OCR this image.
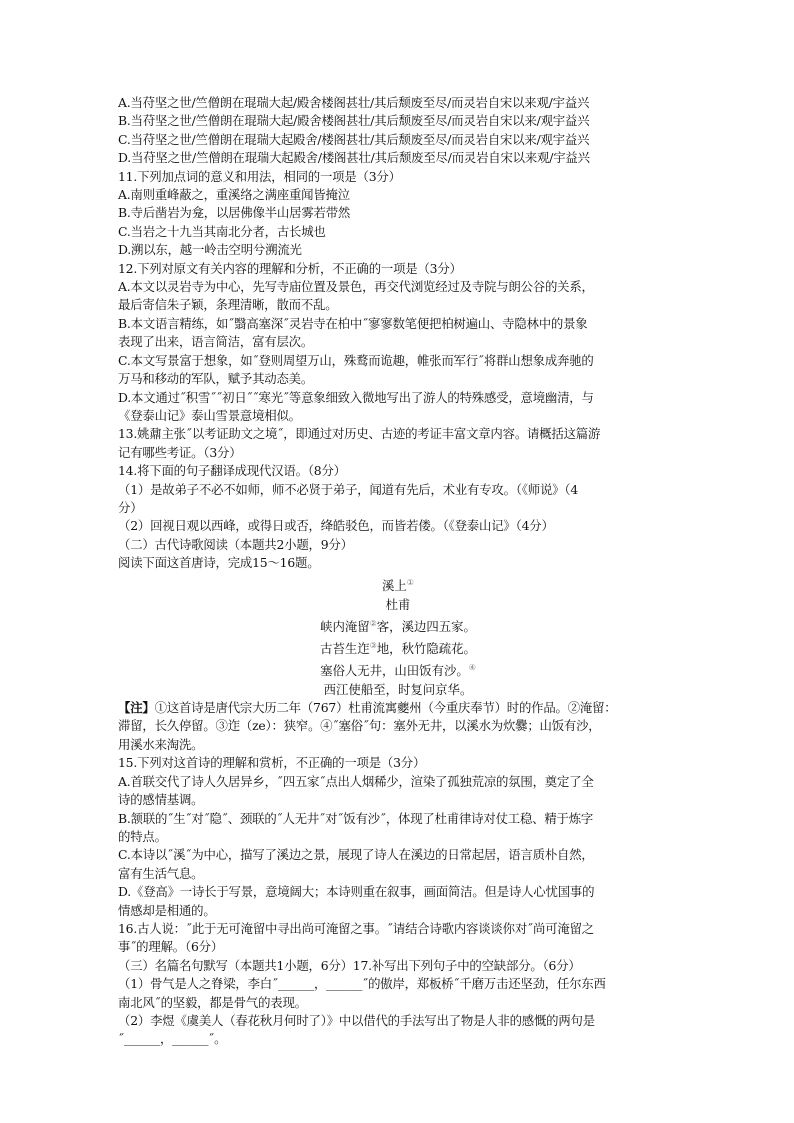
A.当苻坚之世/竺僧朗在琨瑞大起/殿舍楼阁甚壮/其后颓废至尽/而灵岩自宋以来观/宇益兴
B.当苻坚之世/竺僧朗在琨瑞大起/殿舍楼阁甚壮/其后颓废至尽/而灵岩自宋以来/观宇益兴
C.当苻坚之世/竺僧朗在琨瑞大起殿舍/楼阁甚壮/其后颓废至尽/而灵岩自宋以来/观宇益兴
D.当苻坚之世/竺僧朗在琨瑞大起殿舍/楼阁甚壮/其后颓废至尽/而灵岩自宋以来观/宇益兴
11.下列加点词的意义和用法，相同的一项是（3分）
A.南则重峰蔽之，重溪络之满座重闻皆掩泣
B.寺后凿岩为龛，以居佛像半山居雾若带然
C.当岩之十九当其南北分者，古长城也
D.溯以东，越一岭击空明兮溯流光
12.下列对原文有关内容的理解和分析，不正确的一项是（3分）
A.本文以灵岩寺为中心，先写寺庙位置及景色，再交代浏览经过及寺院与朗公谷的关系，
最后寄信朱子颖，条理清晰，散而不乱。
B.本文语言精练，如˝翳高塞深˝灵岩寺在柏中˝寥寥数笔便把柏树遍山、寺隐林中的景象
表现了出来，语言简洁，富有层次。
C.本文写景富于想象，如˝登则周望万山，殊鹜而诡趣，帷张而军行˝将群山想象成奔驰的
万马和移动的军队，赋予其动态美。
D.本文通过˝积雪˝˝初日˝˝寒光˝等意象细致入微地写出了游人的特殊感受，意境幽清，与
《登泰山记》泰山雪景意境相似。
13.姚鼐主张˝以考证助文之境˝，即通过对历史、古迹的考证丰富文章内容。请概括这篇游
记有哪些考证。（3分）
14.将下面的句子翻译成现代汉语。（8分）
（1）是故弟子不必不如师，师不必贤于弟子，闻道有先后，术业有专攻。（《师说》（4
分）
（2）回视日观以西峰，或得日或否，绛皓驳色，而皆若偻。（《登泰山记》（4分）
（二）古代诗歌阅读（本题共2小题，9分）
阅读下面这首唐诗，完成15～16题。
溪上①
杜甫
峡内淹留②客，溪边四五家。
古苔生迮③地，秋竹隐疏花。
塞俗人无井，山田饭有沙。④
西江使船至，时复问京华。
【注】①这首诗是唐代宗大历二年（767）杜甫流寓夔州（今重庆奉节）时的作品。②淹留：
滞留，长久停留。③迮（ze）：狭窄。④˝塞俗˝句：塞外无井，以溪水为炊爨；山饭有沙，
用溪水来淘洗。
15.下列对这首诗的理解和赏析，不正确的一项是（3分）
A.首联交代了诗人久居异乡，˝四五家˝点出人烟稀少，渲染了孤独荒凉的氛围，奠定了全
诗的感情基调。
B.颔联的˝生˝对˝隐˝、颈联的˝人无井˝对˝饭有沙˝，体现了杜甫律诗对仗工稳、精于炼字
的特点。
C.本诗以˝溪˝为中心，描写了溪边之景，展现了诗人在溪边的日常起居，语言质朴自然，
富有生活气息。
D.《登高》一诗长于写景，意境阔大；本诗则重在叙事，画面简洁。但是诗人心忧国事的
情感却是相通的。
16.古人说：˝此于无可淹留中寻出尚可淹留之事。˝请结合诗歌内容谈谈你对˝尚可淹留之
事˝的理解。（6分）
（三）名篇名句默写（本题共1小题，6分）17.补写出下列句子中的空缺部分。（6分）
（1）骨气是人之脊梁，李白˝______，______˝的傲岸，郑板桥˝千磨万击还坚劲，任尔东西
南北风˝的坚毅，都是骨气的表现。
（2）李煜《虞美人（春花秋月何时了）》中以借代的手法写出了物是人非的感慨的两句是
˝______，______˝。
